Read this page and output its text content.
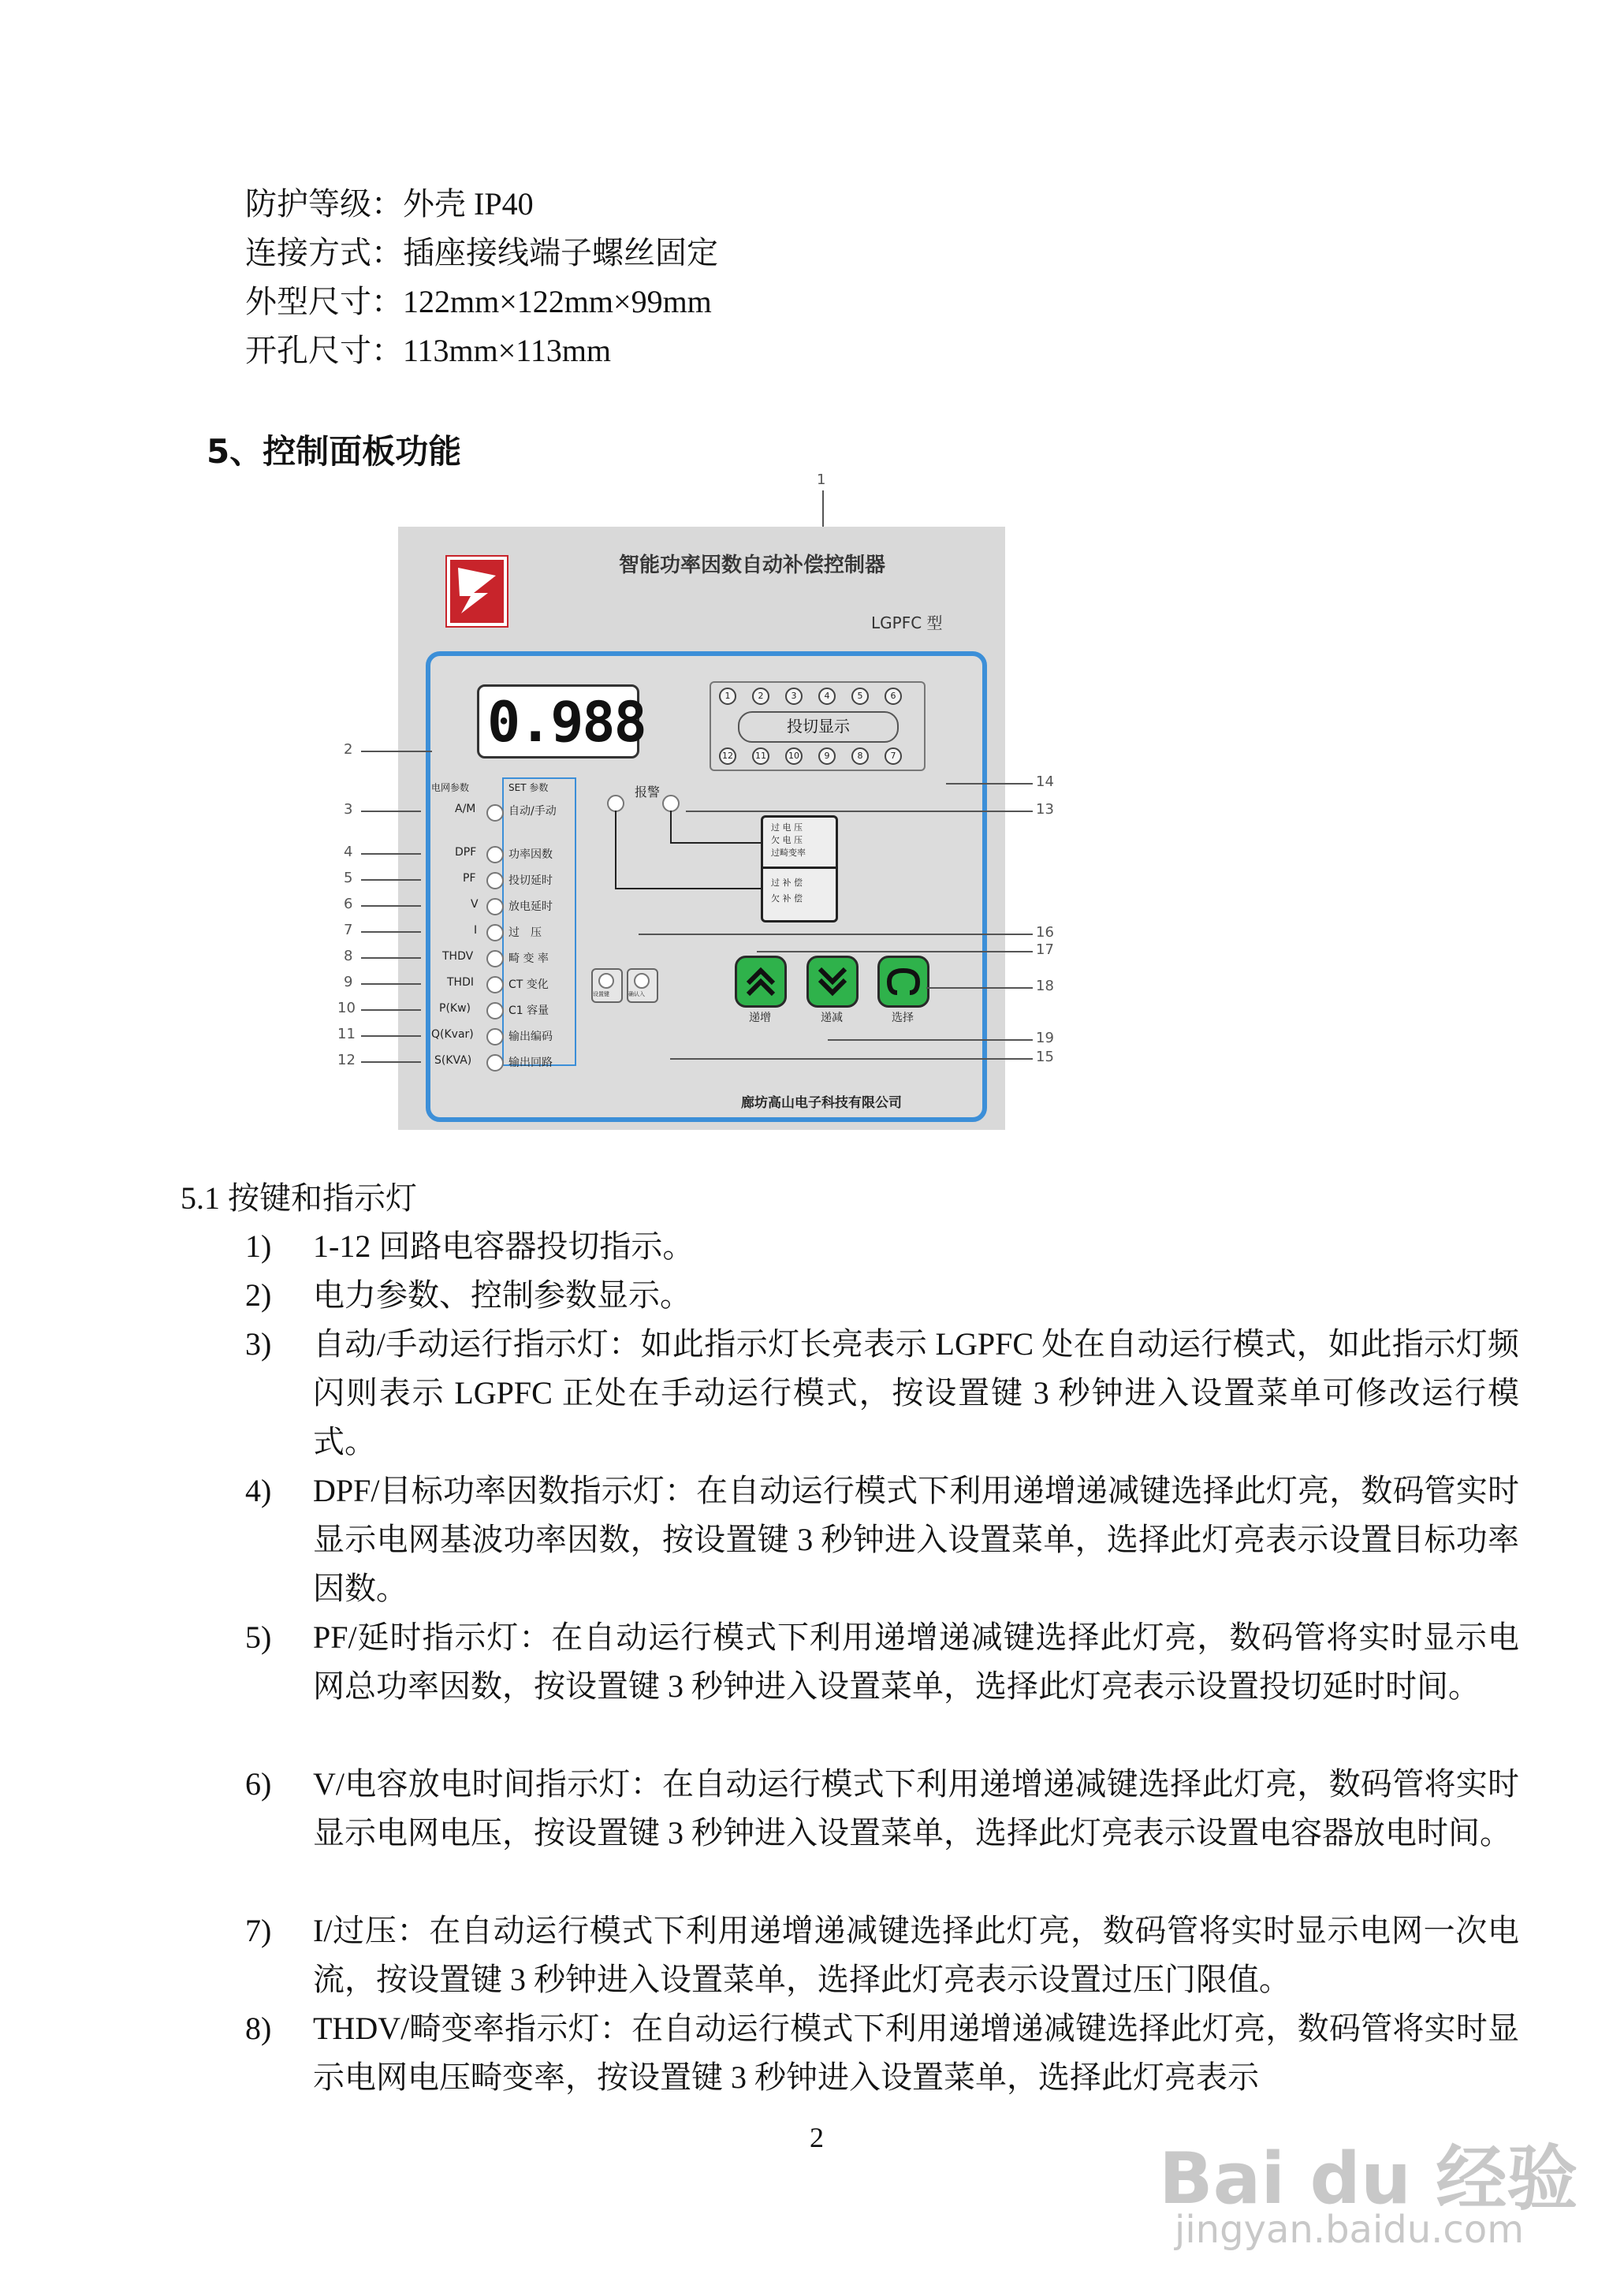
防护等级：外壳 IP40
连接方式：插座接线端子螺丝固定
外型尺寸：122mm×122mm×99mm
开孔尺寸：113mm×113mm
5、控制面板功能
1
智能功率因数自动补偿控制器
LGPFC 型
0.988	1	2	3	4	5	6
投切显示
12	11	10	9	8	7
电网参数	SET 参数
A/M	自动/手动
DPF	功率因数
PF	投切延时
V	放电延时
I	过　压
THDV	畸 变 率
THDI	CT 变化
P(Kw)	C1 容量
Q(Kvar)	输出编码
S(KVA)	输出回路
报警
过 电 压
欠 电 压
过畸变率
过 补 偿
欠 补 偿
设置键	确认入
递增	递减	选择
廊坊高山电子科技有限公司
2
3
4
5
6
7
8
9
10
11
12
14
13
16
17
18
19
15
5.1 按键和指示灯
1) 1-12 回路电容器投切指示。
2) 电力参数、控制参数显示。
3) 自动/手动运行指示灯：如此指示灯长亮表示 LGPFC 处在自动运行模式，如此指示灯频闪则表示 LGPFC 正处在手动运行模式，按设置键 3 秒钟进入设置菜单可修改运行模式。
4) DPF/目标功率因数指示灯：在自动运行模式下利用递增递减键选择此灯亮，数码管实时显示电网基波功率因数，按设置键 3 秒钟进入设置菜单，选择此灯亮表示设置目标功率因数。
5) PF/延时指示灯：在自动运行模式下利用递增递减键选择此灯亮，数码管将实时显示电网总功率因数，按设置键 3 秒钟进入设置菜单，选择此灯亮表示设置投切延时时间。
6) V/电容放电时间指示灯：在自动运行模式下利用递增递减键选择此灯亮，数码管将实时显示电网电压，按设置键 3 秒钟进入设置菜单，选择此灯亮表示设置电容器放电时间。
7) I/过压：在自动运行模式下利用递增递减键选择此灯亮，数码管将实时显示电网一次电流，按设置键 3 秒钟进入设置菜单，选择此灯亮表示设置过压门限值。
8) THDV/畸变率指示灯：在自动运行模式下利用递增递减键选择此灯亮，数码管将实时显示电网电压畸变率，按设置键 3 秒钟进入设置菜单，选择此灯亮表示
2	Bai du 经验
jingyan.baidu.com
